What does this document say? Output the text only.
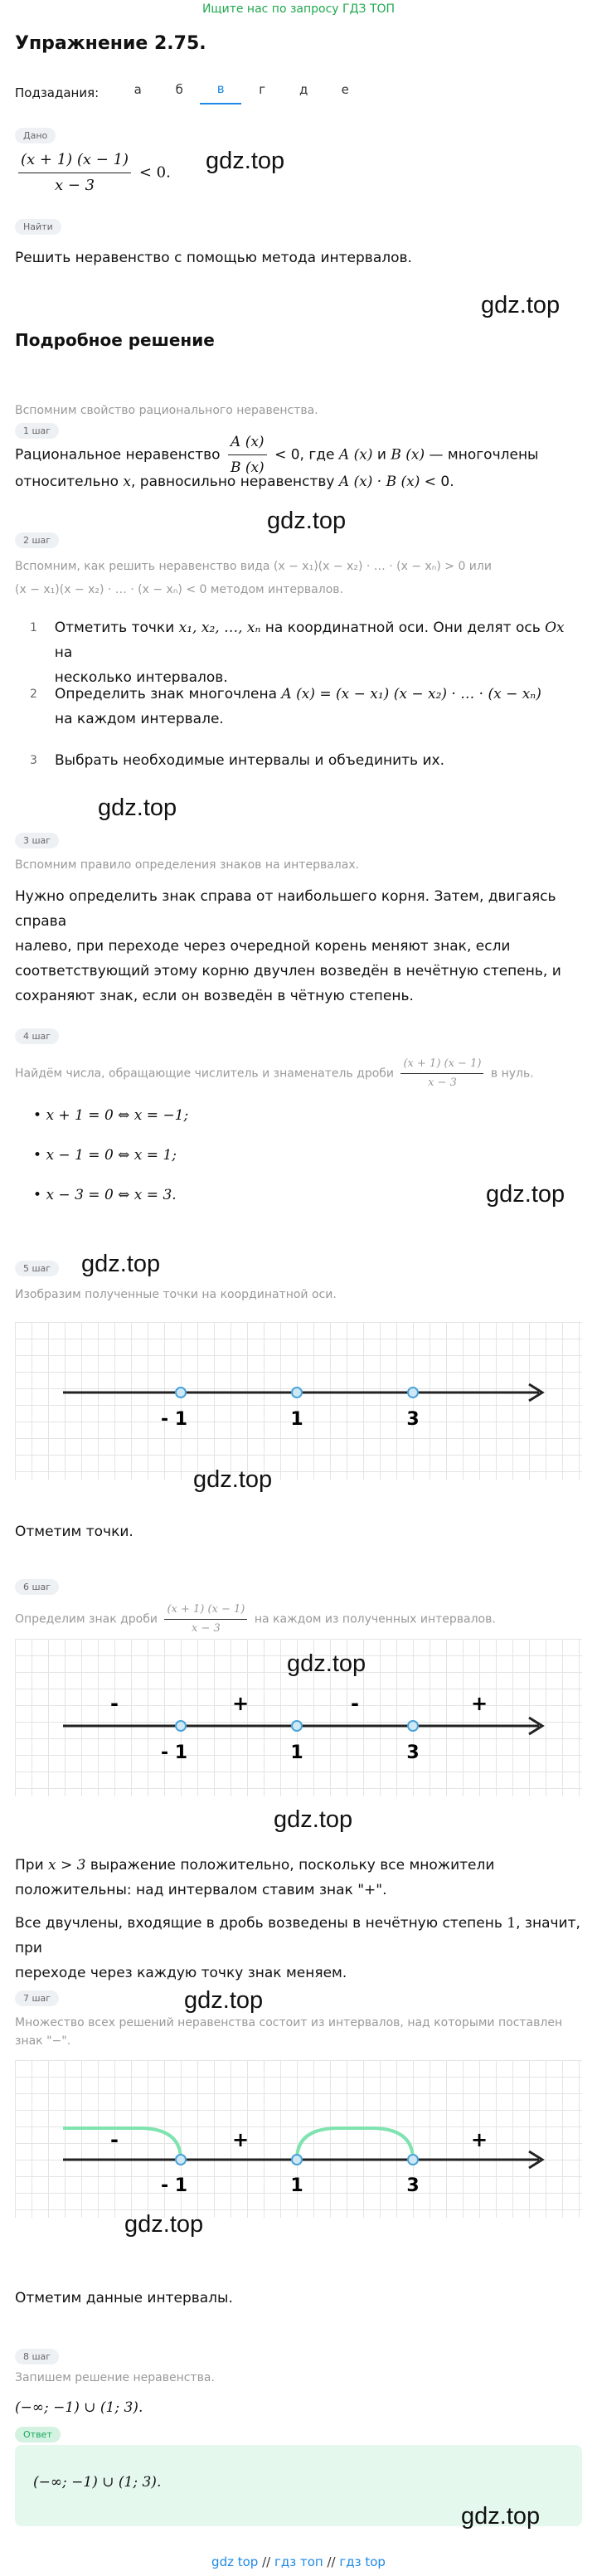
Ищите нас по запросу ГДЗ ТОП
Упражнение 2.75.
Подзадания:	а	б	в	г	д	е
Дано
$\frac{(x + 1) (x - 1)}{x - 3} < 0$. gdz.top
Найти
Решить неравенство с помощью метода интервалов.
gdz.top
Подробное решение
1 шаг
Вспомним свойство рационального неравенства.
Рациональное неравенство $\frac{A (x)}{B (x)} < 0$, где A (x) и B (x) — многочлены
относительно x, равносильно неравенству A (x) · B (x) < 0.
gdz.top
2 шаг
Вспомним, как решить неравенство вида (x − x₁)(x − x₂) · … · (x − xₙ) > 0 или
(x − x₁)(x − x₂) · … · (x − xₙ) < 0 методом интервалов.
1	Отметить точки x₁, x₂, …, xₙ на координатной оси. Они делят ось Ox на
несколько интервалов.
2	Определить знак многочлена A (x) = (x − x₁) (x − x₂) · … · (x − xₙ)
на каждом интервале.
3	Выбрать необходимые интервалы и объединить их.
gdz.top
3 шаг
Вспомним правило определения знаков на интервалах.
Нужно определить знак справа от наибольшего корня. Затем, двигаясь справа
налево, при переходе через очередной корень меняют знак, если
соответствующий этому корню двучлен возведён в нечётную степень, и
сохраняют знак, если он возведён в чётную степень.
4 шаг
Найдём числа, обращающие числитель и знаменатель дроби $\frac{(x + 1) (x - 1)}{x - 3}$ в нуль.
• x + 1 = 0 ⇔ x = −1;
• x − 1 = 0 ⇔ x = 1;
• x − 3 = 0 ⇔ x = 3.	gdz.top
5 шаг	gdz.top
Изобразим полученные точки на координатной оси.
- 1	1	3
gdz.top
Отметим точки.
6 шаг
Определим знак дроби $\frac{(x + 1) (x - 1)}{x - 3}$ на каждом из полученных интервалов.
- 1	1	3
-	+	-	+
gdz.top
gdz.top
При x > 3 выражение положительно, поскольку все множители
положительны: над интервалом ставим знак "+".
Все двучлены, входящие в дробь возведены в нечётную степень 1, значит, при
переходе через каждую точку знак меняем.
7 шаг	gdz.top
Множество всех решений неравенства состоит из интервалов, над которыми поставлен
знак "−".
- 1	1	3
-	+	+
gdz.top
Отметим данные интервалы.
8 шаг
Запишем решение неравенства.
(−∞; −1) ∪ (1; 3).
Ответ
(−∞; −1) ∪ (1; 3).
gdz.top
gdz top // гдз топ // гдз top
